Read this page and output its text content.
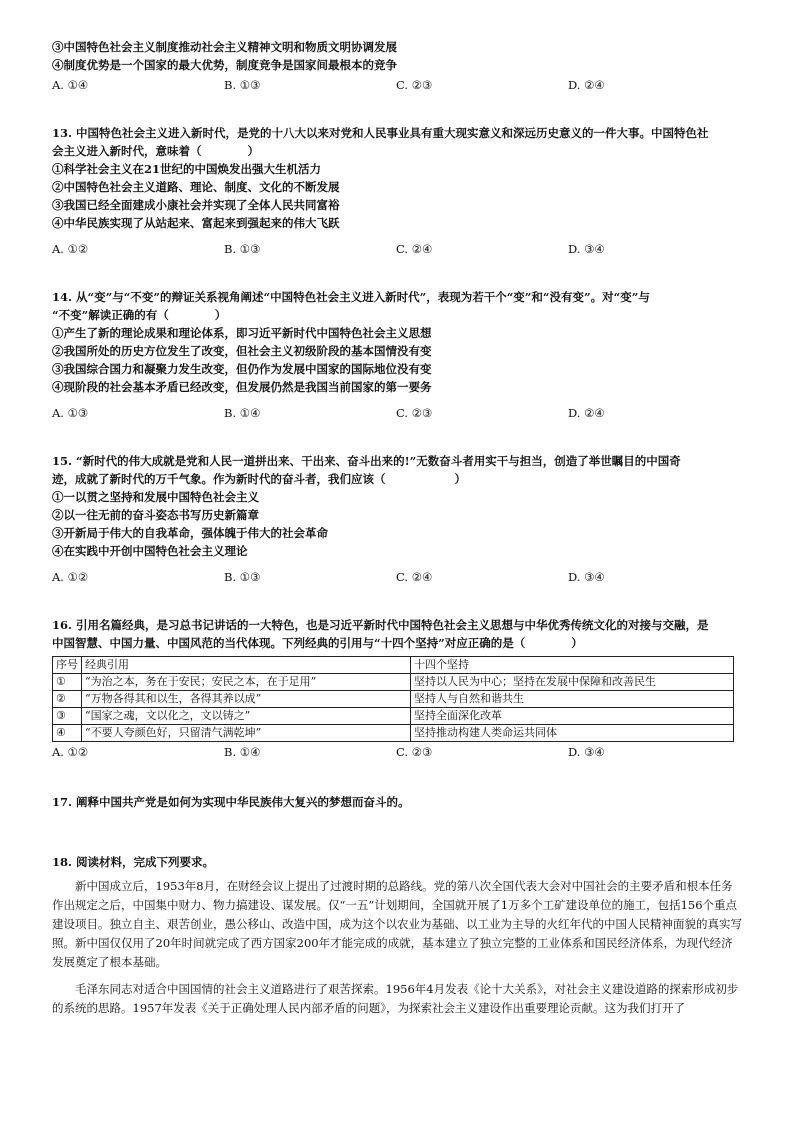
③中国特色社会主义制度推动社会主义精神文明和物质文明协调发展
④制度优势是一个国家的最大优势，制度竞争是国家间最根本的竞争
A. ①④	B. ①③	C. ②③	D. ②④
13. 中国特色社会主义进入新时代，是党的十八大以来对党和人民事业具有重大现实意义和深远历史意义的一件大事。中国特色社
会主义进入新时代，意味着（　　　　）
①科学社会主义在21世纪的中国焕发出强大生机活力
②中国特色社会主义道路、理论、制度、文化的不断发展
③我国已经全面建成小康社会并实现了全体人民共同富裕
④中华民族实现了从站起来、富起来到强起来的伟大飞跃
A. ①②	B. ①③	C. ②④	D. ③④
14. 从“变”与“不变”的辩证关系视角阐述“中国特色社会主义进入新时代”，表现为若干个“变”和“没有变”。对“变”与
“不变”解读正确的有（　　　　）
①产生了新的理论成果和理论体系，即习近平新时代中国特色社会主义思想
②我国所处的历史方位发生了改变，但社会主义初级阶段的基本国情没有变
③我国综合国力和凝聚力发生改变，但仍作为发展中国家的国际地位没有变
④现阶段的社会基本矛盾已经改变，但发展仍然是我国当前国家的第一要务
A. ①③	B. ①④	C. ②③	D. ②④
15. “新时代的伟大成就是党和人民一道拼出来、干出来、奋斗出来的!”无数奋斗者用实干与担当，创造了举世瞩目的中国奇
迹，成就了新时代的万千气象。作为新时代的奋斗者，我们应该（　　　　　　）
①一以贯之坚持和发展中国特色社会主义
②以一往无前的奋斗姿态书写历史新篇章
③开新局于伟大的自我革命，强体魄于伟大的社会革命
④在实践中开创中国特色社会主义理论
A. ①②	B. ①③	C. ②④	D. ③④
16. 引用名篇经典，是习总书记讲话的一大特色，也是习近平新时代中国特色社会主义思想与中华优秀传统文化的对接与交融，是
中国智慧、中国力量、中国风范的当代体现。下列经典的引用与“十四个坚持”对应正确的是（　　　　）
序号	经典引用	十四个坚持
①	“为治之本，务在于安民；安民之本，在于足用”	坚持以人民为中心；坚持在发展中保障和改善民生
②	“万物各得其和以生，各得其养以成”	坚持人与自然和谐共生
③	“国家之魂，文以化之，文以铸之”	坚持全面深化改革
④	“不要人夸颜色好，只留清气满乾坤”	坚持推动构建人类命运共同体
A. ①②	B. ①④	C. ②③	D. ③④
17. 阐释中国共产党是如何为实现中华民族伟大复兴的梦想而奋斗的。
18. 阅读材料，完成下列要求。
新中国成立后，1953年8月，在财经会议上提出了过渡时期的总路线。党的第八次全国代表大会对中国社会的主要矛盾和根本任务作出规定之后，中国集中财力、物力搞建设、谋发展。仅“一五”计划期间，全国就开展了1万多个工矿建设单位的施工，包括156个重点建设项目。独立自主、艰苦创业，愚公移山、改造中国，成为这个以农业为基础、以工业为主导的火红年代的中国人民精神面貌的真实写照。新中国仅仅用了20年时间就完成了西方国家200年才能完成的成就，基本建立了独立完整的工业体系和国民经济体系，为现代经济发展奠定了根本基础。
毛泽东同志对适合中国国情的社会主义道路进行了艰苦探索。1956年4月发表《论十大关系》，对社会主义建设道路的探索形成初步的系统的思路。1957年发表《关于正确处理人民内部矛盾的问题》，为探索社会主义建设作出重要理论贡献。这为我们打开了
